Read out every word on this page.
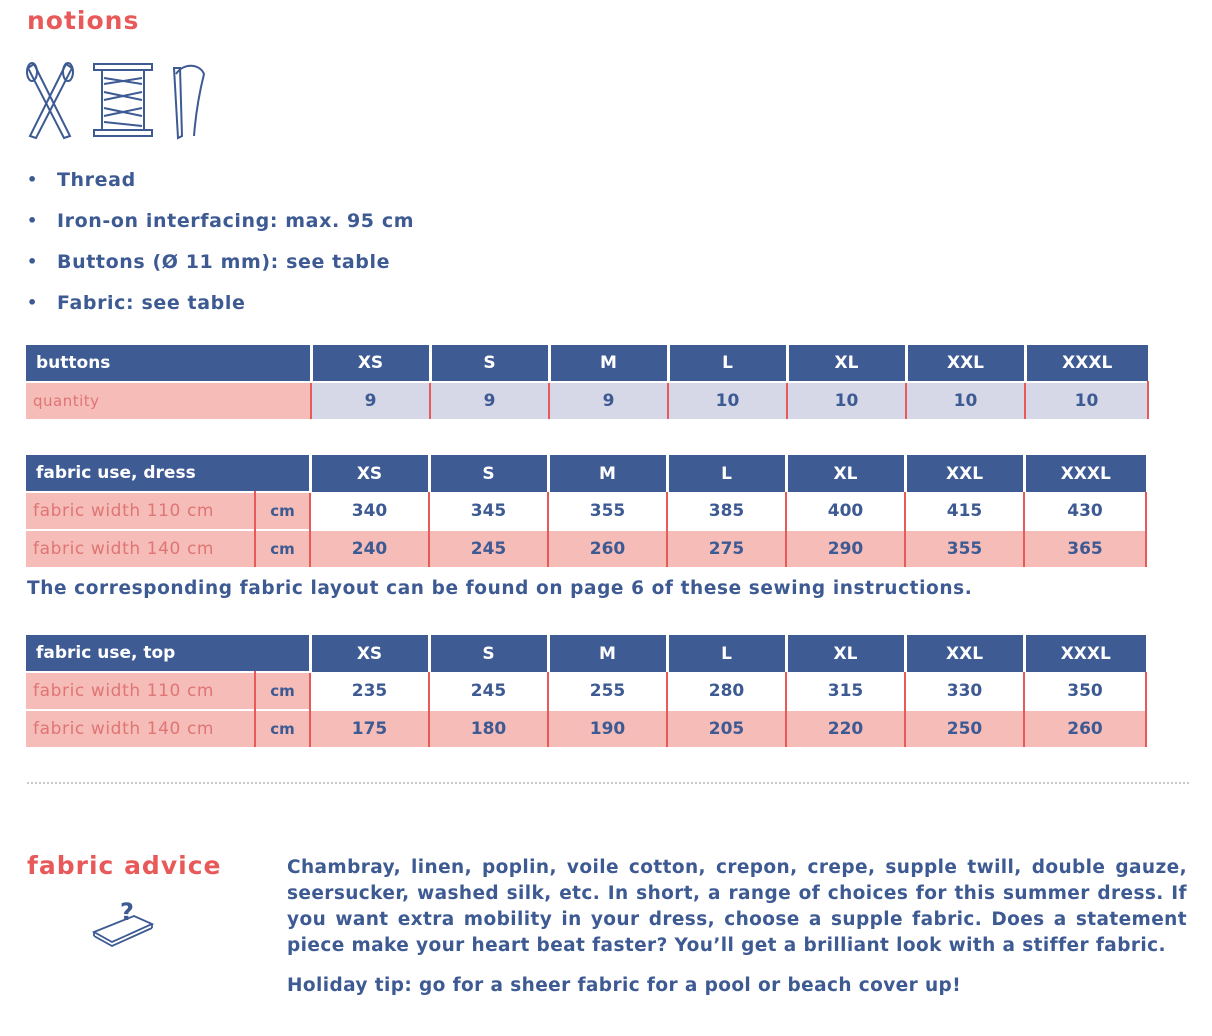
notions
• Thread
• Iron-on interfacing: max. 95 cm
• Buttons (Ø 11 mm): see table
• Fabric: see table
buttons	XS	S	M	L	XL	XXL	XXXL
quantity	9	9	9	10	10	10	10
fabric use, dress		XS	S	M	L	XL	XXL	XXXL
fabric width 110 cm	cm	340	345	355	385	400	415	430
fabric width 140 cm	cm	240	245	260	275	290	355	365
The corresponding fabric layout can be found on page 6 of these sewing instructions.
fabric use, top		XS	S	M	L	XL	XXL	XXXL
fabric width 110 cm	cm	235	245	255	280	315	330	350
fabric width 140 cm	cm	175	180	190	205	220	250	260
fabric advice
?

Chambray, linen, poplin, voile cotton, crepon, crepe, supple twill, double gauze, seersucker, washed silk, etc. In short, a range of choices for this summer dress. If you want extra mobility in your dress, choose a supple fabric. Does a statement piece make your heart beat faster? You’ll get a brilliant look with a stiffer fabric.

Holiday tip: go for a sheer fabric for a pool or beach cover up!
